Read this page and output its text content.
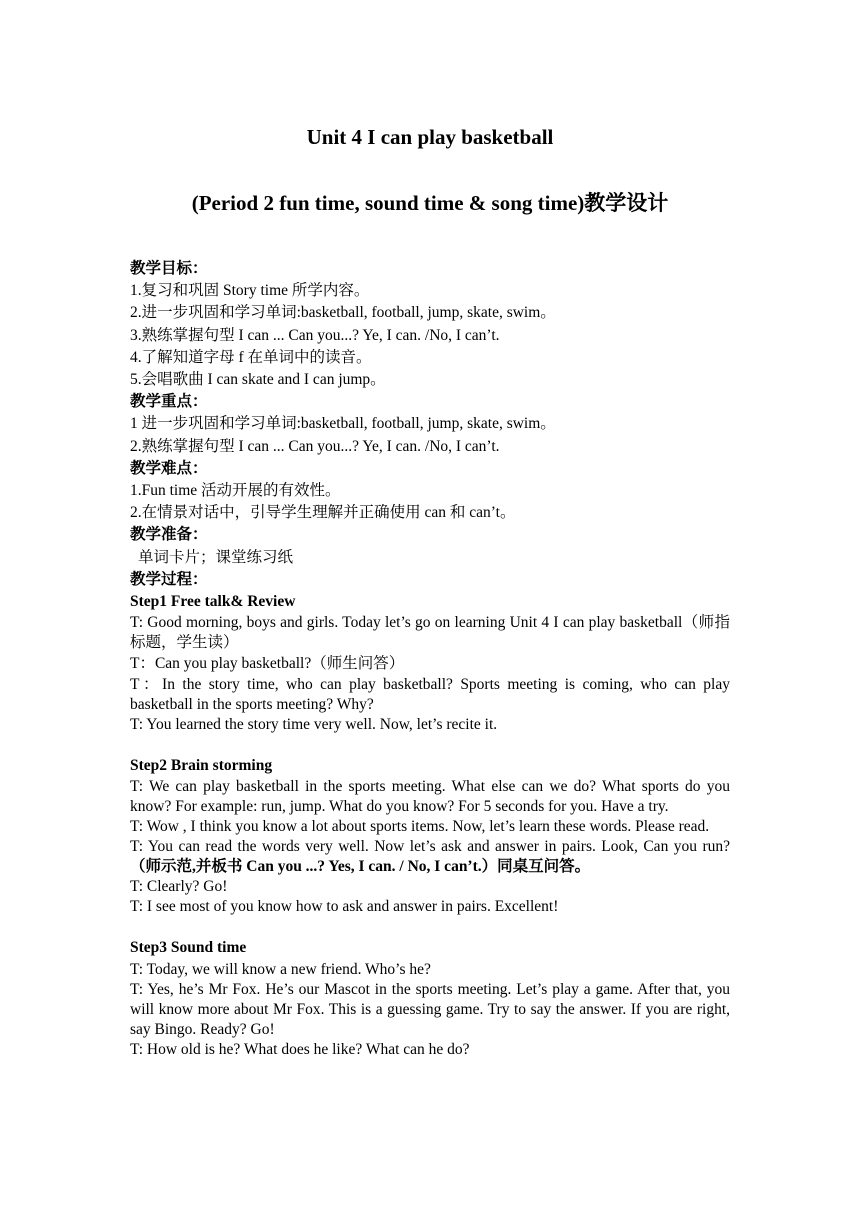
Unit 4 I can play basketball
(Period 2 fun time, sound time & song time)教学设计

教学目标：

1.复习和巩固 Story time 所学内容。

2.进一步巩固和学习单词:basketball, football, jump, skate, swim。

3.熟练掌握句型 I can ... Can you...? Ye, I can. /No, I can’t.

4.了解知道字母 f 在单词中的读音。

5.会唱歌曲 I can skate and I can jump。

教学重点：

1 进一步巩固和学习单词:basketball, football, jump, skate, swim。

2.熟练掌握句型 I can ... Can you...? Ye, I can. /No, I can’t.

教学难点：

1.Fun time 活动开展的有效性。

2.在情景对话中，引导学生理解并正确使用 can 和 can’t。

教学准备：

单词卡片；课堂练习纸

教学过程：

Step1 Free talk& Review

T: Good morning, boys and girls. Today let’s go on learning Unit 4 I can play basketball（师指标题，学生读）

T：Can you play basketball?（师生问答）

T：In the story time, who can play basketball? Sports meeting is coming, who can play basketball in the sports meeting? Why?

T: You learned the story time very well. Now, let’s recite it.

Step2 Brain storming

T: We can play basketball in the sports meeting. What else can we do? What sports do you know? For example: run, jump. What do you know? For 5 seconds for you. Have a try.

T: Wow , I think you know a lot about sports items. Now, let’s learn these words. Please read.

T: You can read the words very well. Now let’s ask and answer in pairs. Look, Can you run? （师示范,并板书 Can you ...? Yes, I can. / No, I can’t.）同桌互问答。

T: Clearly? Go!

T: I see most of you know how to ask and answer in pairs. Excellent!

Step3 Sound time

T: Today, we will know a new friend. Who’s he?

T: Yes, he’s Mr Fox. He’s our Mascot in the sports meeting. Let’s play a game. After that, you will know more about Mr Fox. This is a guessing game. Try to say the answer. If you are right, say Bingo. Ready? Go!

T: How old is he? What does he like? What can he do?
